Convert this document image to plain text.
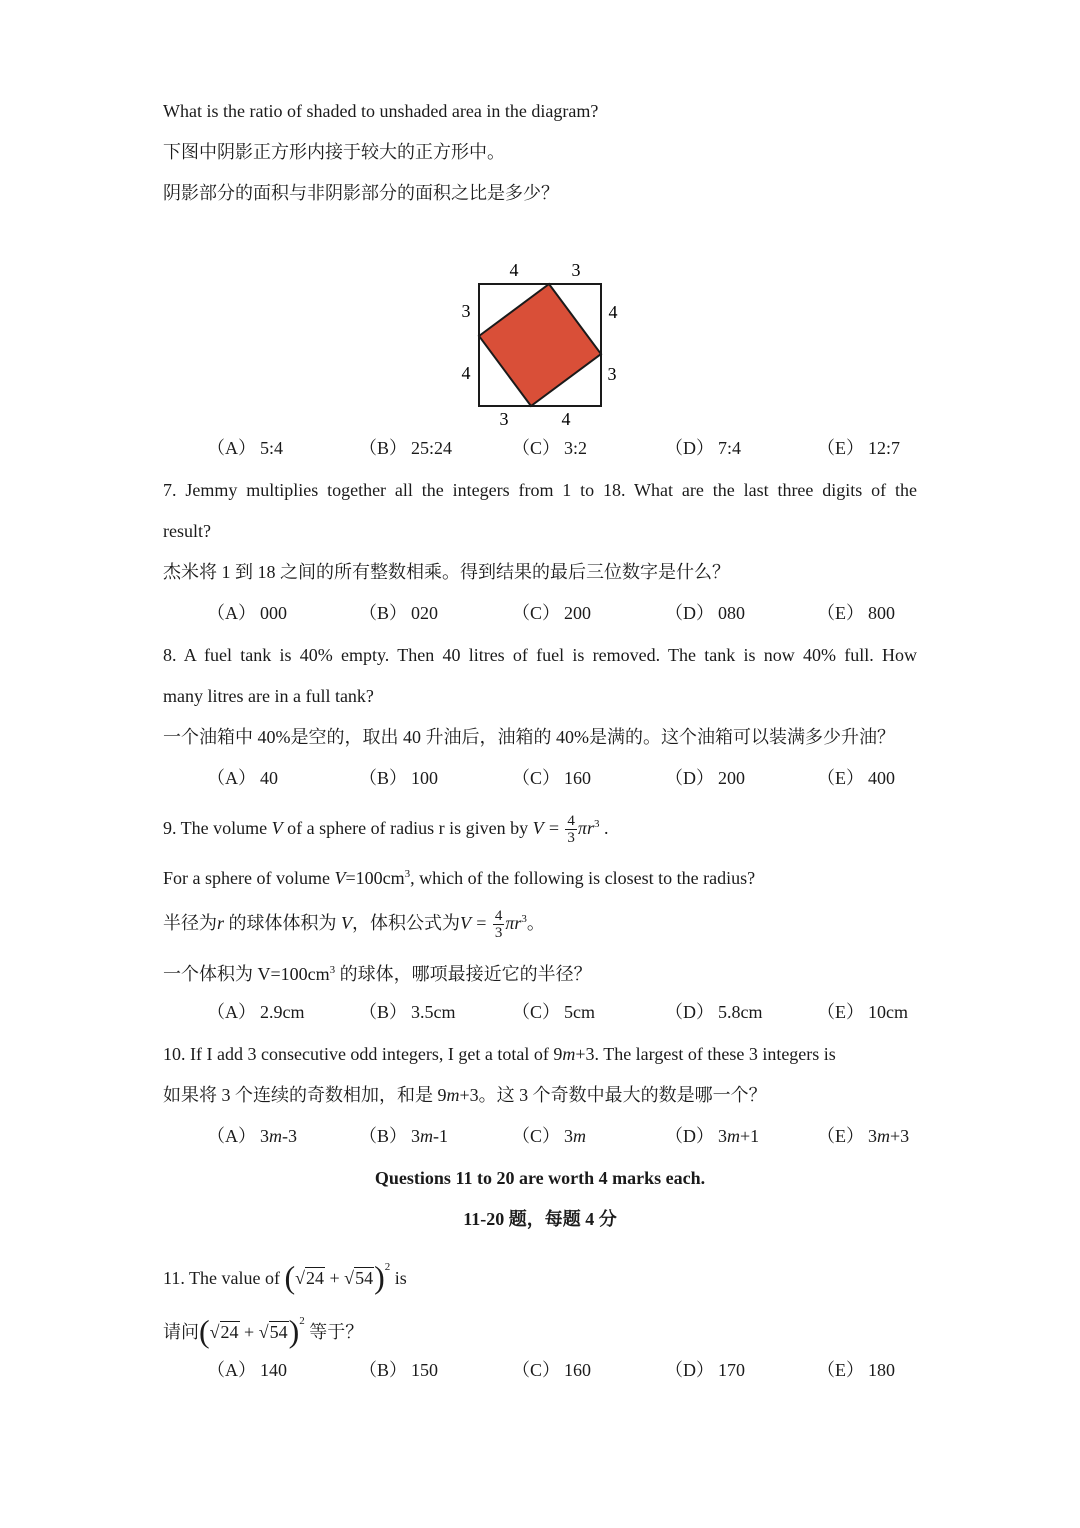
What is the ratio of shaded to unshaded area in the diagram?
下图中阴影正方形内接于较大的正方形中。
阴影部分的面积与非阴影部分的面积之比是多少？
4	3
3
4
4
3
3	4
（A） 5:4	（B） 25:24	（C） 3:2	（D） 7:4	（E） 12:7
7. Jemmy multiplies together all the integers from 1 to 18. What are the last three digits of the
result?
杰米将 1 到 18 之间的所有整数相乘。得到结果的最后三位数字是什么？
（A） 000	（B） 020	（C） 200	（D） 080	（E） 800
8. A fuel tank is 40% empty. Then 40 litres of fuel is removed. The tank is now 40% full. How
many litres are in a full tank?
一个油箱中 40%是空的，取出 40 升油后，油箱的 40%是满的。这个油箱可以装满多少升油？
（A） 40	（B） 100	（C） 160	（D） 200	（E） 400
9. The volume V of a sphere of radius r is given by $V = \frac{4}{3} \pi r^3$ .
For a sphere of volume $V=100cm^3$, which of the following is closest to the radius?
半径为r 的球体体积为 V，体积公式为$V = \frac{4}{3} \pi r^3$。
一个体积为 $V=100cm^3$ 的球体，哪项最接近它的半径？
（A） 2.9cm	（B） 3.5cm	（C） 5cm	（D） 5.8cm	（E） 10cm
10. If I add 3 consecutive odd integers, I get a total of 9m+3. The largest of these 3 integers is
如果将 3 个连续的奇数相加，和是 9m+3。这 3 个奇数中最大的数是哪一个？
（A） 3m-3	（B） 3m-1	（C） 3m	（D） 3m+1	（E） 3m+3
Questions 11 to 20 are worth 4 marks each.
11-20 题，每题 4 分
11. The value of $(√24 + √54)^2$ is
请问$(√24 + √54)^2$ 等于？
（A） 140	（B） 150	（C） 160	（D） 170	（E） 180
